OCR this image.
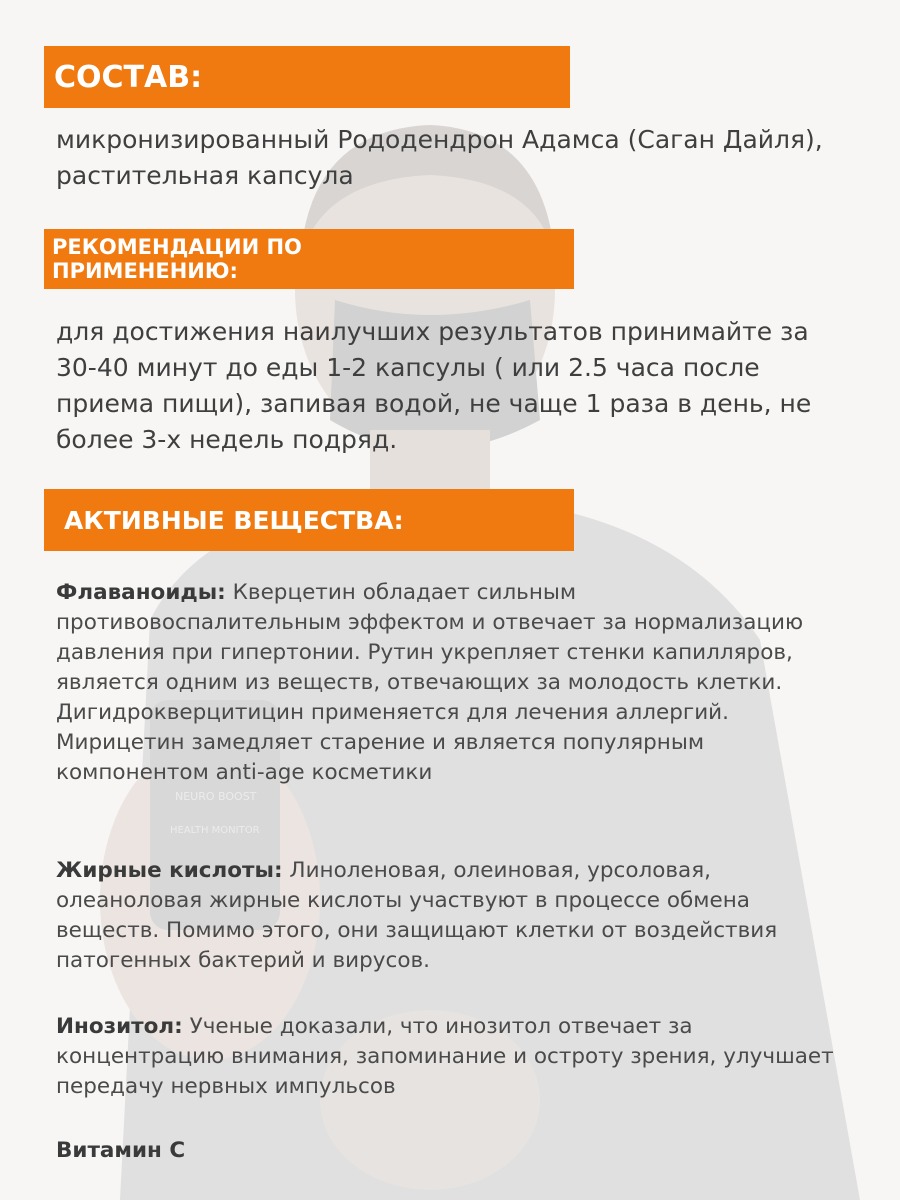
NEURO BOOST
HEALTH MONITOR
СОСТАВ:
микронизированный Рододендрон Адамса (Саган Дайля), растительная капсула
РЕКОМЕНДАЦИИ ПО ПРИМЕНЕНИЮ:
для достижения наилучших результатов принимайте за 30-40 минут до еды 1-2 капсулы ( или 2.5 часа после приема пищи), запивая водой, не чаще 1 раза в день, не более 3-х недель подряд.
АКТИВНЫЕ ВЕЩЕСТВА:
Флаваноиды: Кверцетин обладает сильным противовоспалительным эффектом и отвечает за нормализацию давления при гипертонии. Рутин укрепляет стенки капилляров, является одним из веществ, отвечающих за молодость клетки. Дигидрокверцитицин применяется для лечения аллергий. Мирицетин замедляет старение и является популярным компонентом anti-age косметики
Жирные кислоты: Линоленовая, олеиновая, урсоловая, олеаноловая жирные кислоты участвуют в процессе обмена веществ. Помимо этого, они защищают клетки от воздействия патогенных бактерий и вирусов.
Инозитол: Ученые доказали, что инозитол отвечает за концентрацию внимания, запоминание и остроту зрения, улучшает передачу нервных импульсов
Витамин С
